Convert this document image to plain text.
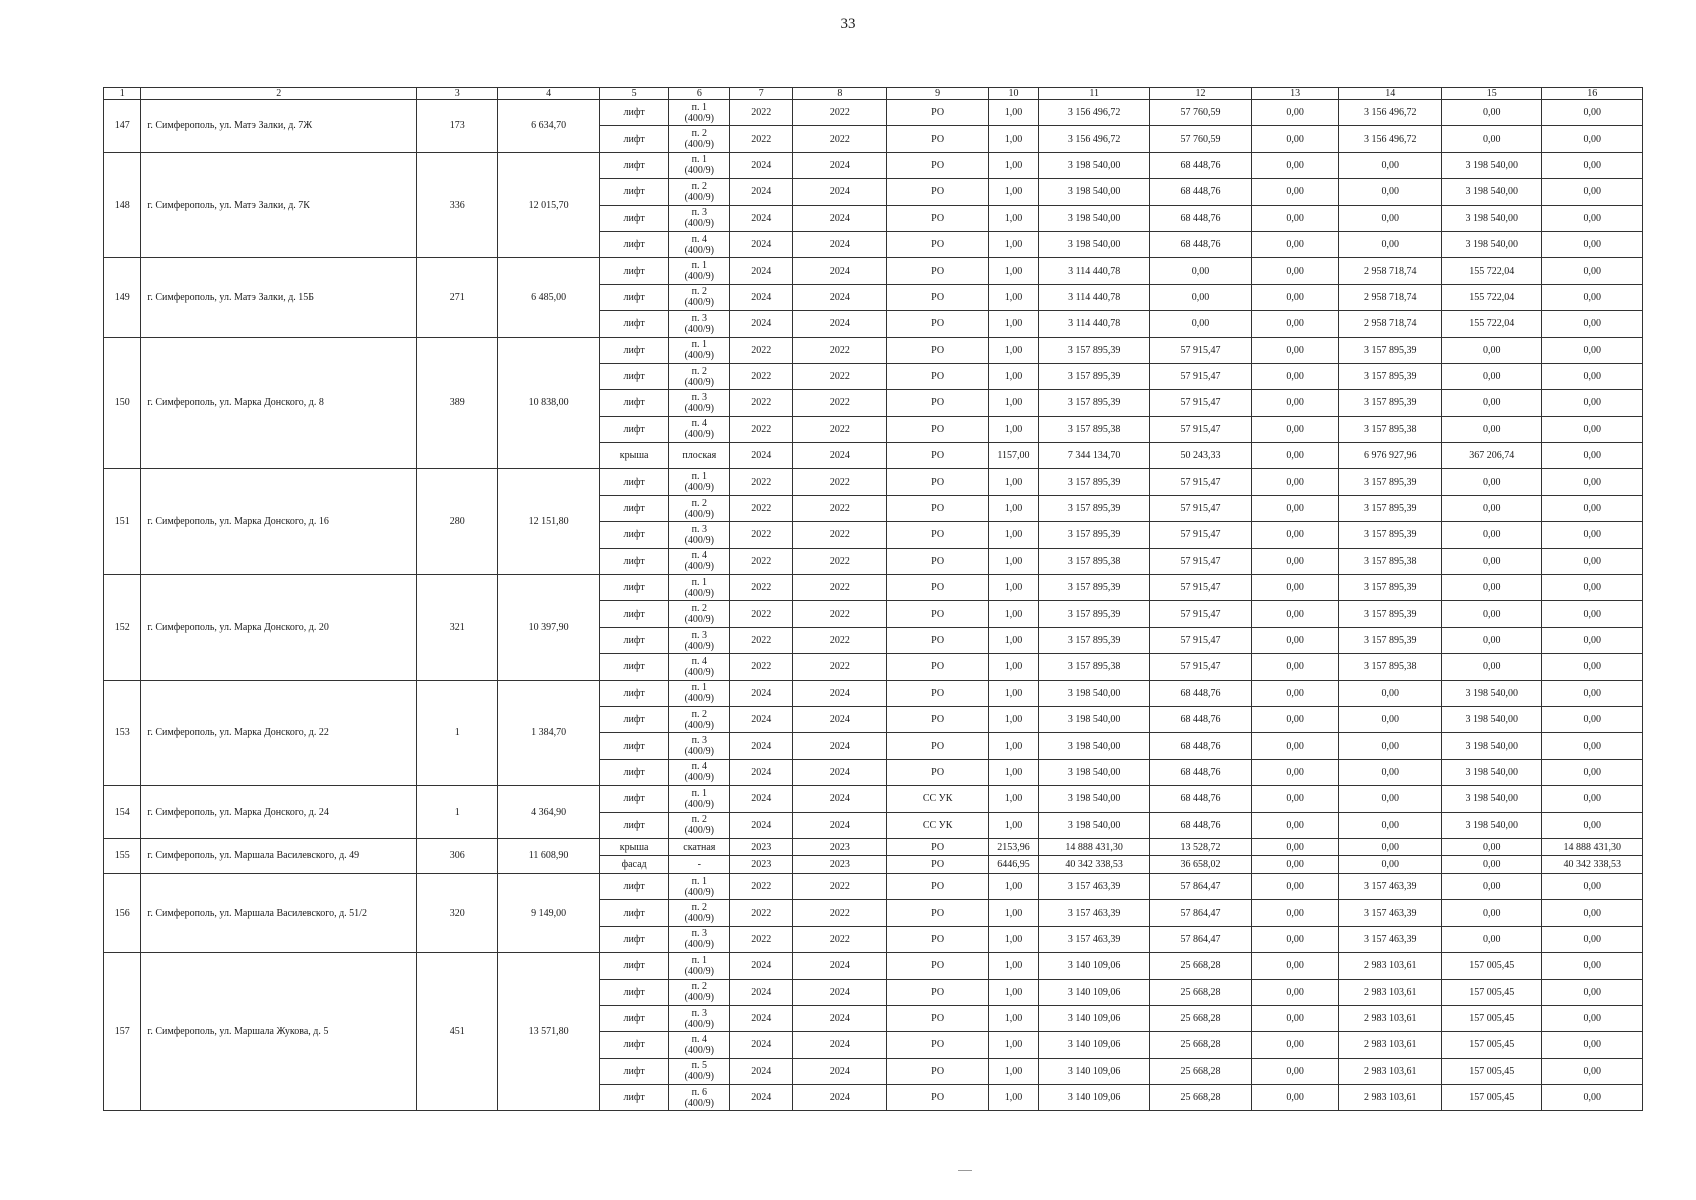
33
1	2	3	4	5	6	7	8	9	10	11	12	13	14	15	16
147	г. Симферополь, ул. Матэ Залки, д. 7Ж	173	6 634,70	лифт	п. 1
(400/9)	2022	2022	РО	1,00	3 156 496,72	57 760,59	0,00	3 156 496,72	0,00	0,00
				лифт	п. 2
(400/9)	2022	2022	РО	1,00	3 156 496,72	57 760,59	0,00	3 156 496,72	0,00	0,00
148	г. Симферополь, ул. Матэ Залки, д. 7К	336	12 015,70	лифт	п. 1
(400/9)	2024	2024	РО	1,00	3 198 540,00	68 448,76	0,00	0,00	3 198 540,00	0,00
				лифт	п. 2
(400/9)	2024	2024	РО	1,00	3 198 540,00	68 448,76	0,00	0,00	3 198 540,00	0,00
				лифт	п. 3
(400/9)	2024	2024	РО	1,00	3 198 540,00	68 448,76	0,00	0,00	3 198 540,00	0,00
				лифт	п. 4
(400/9)	2024	2024	РО	1,00	3 198 540,00	68 448,76	0,00	0,00	3 198 540,00	0,00
149	г. Симферополь, ул. Матэ Залки, д. 15Б	271	6 485,00	лифт	п. 1
(400/9)	2024	2024	РО	1,00	3 114 440,78	0,00	0,00	2 958 718,74	155 722,04	0,00
				лифт	п. 2
(400/9)	2024	2024	РО	1,00	3 114 440,78	0,00	0,00	2 958 718,74	155 722,04	0,00
				лифт	п. 3
(400/9)	2024	2024	РО	1,00	3 114 440,78	0,00	0,00	2 958 718,74	155 722,04	0,00
150	г. Симферополь, ул. Марка Донского, д. 8	389	10 838,00	лифт	п. 1
(400/9)	2022	2022	РО	1,00	3 157 895,39	57 915,47	0,00	3 157 895,39	0,00	0,00
				лифт	п. 2
(400/9)	2022	2022	РО	1,00	3 157 895,39	57 915,47	0,00	3 157 895,39	0,00	0,00
				лифт	п. 3
(400/9)	2022	2022	РО	1,00	3 157 895,39	57 915,47	0,00	3 157 895,39	0,00	0,00
				лифт	п. 4
(400/9)	2022	2022	РО	1,00	3 157 895,38	57 915,47	0,00	3 157 895,38	0,00	0,00
				крыша	плоская	2024	2024	РО	1157,00	7 344 134,70	50 243,33	0,00	6 976 927,96	367 206,74	0,00
151	г. Симферополь, ул. Марка Донского, д. 16	280	12 151,80	лифт	п. 1
(400/9)	2022	2022	РО	1,00	3 157 895,39	57 915,47	0,00	3 157 895,39	0,00	0,00
				лифт	п. 2
(400/9)	2022	2022	РО	1,00	3 157 895,39	57 915,47	0,00	3 157 895,39	0,00	0,00
				лифт	п. 3
(400/9)	2022	2022	РО	1,00	3 157 895,39	57 915,47	0,00	3 157 895,39	0,00	0,00
				лифт	п. 4
(400/9)	2022	2022	РО	1,00	3 157 895,38	57 915,47	0,00	3 157 895,38	0,00	0,00
152	г. Симферополь, ул. Марка Донского, д. 20	321	10 397,90	лифт	п. 1
(400/9)	2022	2022	РО	1,00	3 157 895,39	57 915,47	0,00	3 157 895,39	0,00	0,00
				лифт	п. 2
(400/9)	2022	2022	РО	1,00	3 157 895,39	57 915,47	0,00	3 157 895,39	0,00	0,00
				лифт	п. 3
(400/9)	2022	2022	РО	1,00	3 157 895,39	57 915,47	0,00	3 157 895,39	0,00	0,00
				лифт	п. 4
(400/9)	2022	2022	РО	1,00	3 157 895,38	57 915,47	0,00	3 157 895,38	0,00	0,00
153	г. Симферополь, ул. Марка Донского, д. 22	1	1 384,70	лифт	п. 1
(400/9)	2024	2024	РО	1,00	3 198 540,00	68 448,76	0,00	0,00	3 198 540,00	0,00
				лифт	п. 2
(400/9)	2024	2024	РО	1,00	3 198 540,00	68 448,76	0,00	0,00	3 198 540,00	0,00
				лифт	п. 3
(400/9)	2024	2024	РО	1,00	3 198 540,00	68 448,76	0,00	0,00	3 198 540,00	0,00
				лифт	п. 4
(400/9)	2024	2024	РО	1,00	3 198 540,00	68 448,76	0,00	0,00	3 198 540,00	0,00
154	г. Симферополь, ул. Марка Донского, д. 24	1	4 364,90	лифт	п. 1
(400/9)	2024	2024	СС УК	1,00	3 198 540,00	68 448,76	0,00	0,00	3 198 540,00	0,00
				лифт	п. 2
(400/9)	2024	2024	СС УК	1,00	3 198 540,00	68 448,76	0,00	0,00	3 198 540,00	0,00
155	г. Симферополь, ул. Маршала Василевского, д. 49	306	11 608,90	крыша	скатная	2023	2023	РО	2153,96	14 888 431,30	13 528,72	0,00	0,00	0,00	14 888 431,30
				фасад	-	2023	2023	РО	6446,95	40 342 338,53	36 658,02	0,00	0,00	0,00	40 342 338,53
156	г. Симферополь, ул. Маршала Василевского, д. 51/2	320	9 149,00	лифт	п. 1
(400/9)	2022	2022	РО	1,00	3 157 463,39	57 864,47	0,00	3 157 463,39	0,00	0,00
				лифт	п. 2
(400/9)	2022	2022	РО	1,00	3 157 463,39	57 864,47	0,00	3 157 463,39	0,00	0,00
				лифт	п. 3
(400/9)	2022	2022	РО	1,00	3 157 463,39	57 864,47	0,00	3 157 463,39	0,00	0,00
157	г. Симферополь, ул. Маршала Жукова, д. 5	451	13 571,80	лифт	п. 1
(400/9)	2024	2024	РО	1,00	3 140 109,06	25 668,28	0,00	2 983 103,61	157 005,45	0,00
				лифт	п. 2
(400/9)	2024	2024	РО	1,00	3 140 109,06	25 668,28	0,00	2 983 103,61	157 005,45	0,00
				лифт	п. 3
(400/9)	2024	2024	РО	1,00	3 140 109,06	25 668,28	0,00	2 983 103,61	157 005,45	0,00
				лифт	п. 4
(400/9)	2024	2024	РО	1,00	3 140 109,06	25 668,28	0,00	2 983 103,61	157 005,45	0,00
				лифт	п. 5
(400/9)	2024	2024	РО	1,00	3 140 109,06	25 668,28	0,00	2 983 103,61	157 005,45	0,00
				лифт	п. 6
(400/9)	2024	2024	РО	1,00	3 140 109,06	25 668,28	0,00	2 983 103,61	157 005,45	0,00
